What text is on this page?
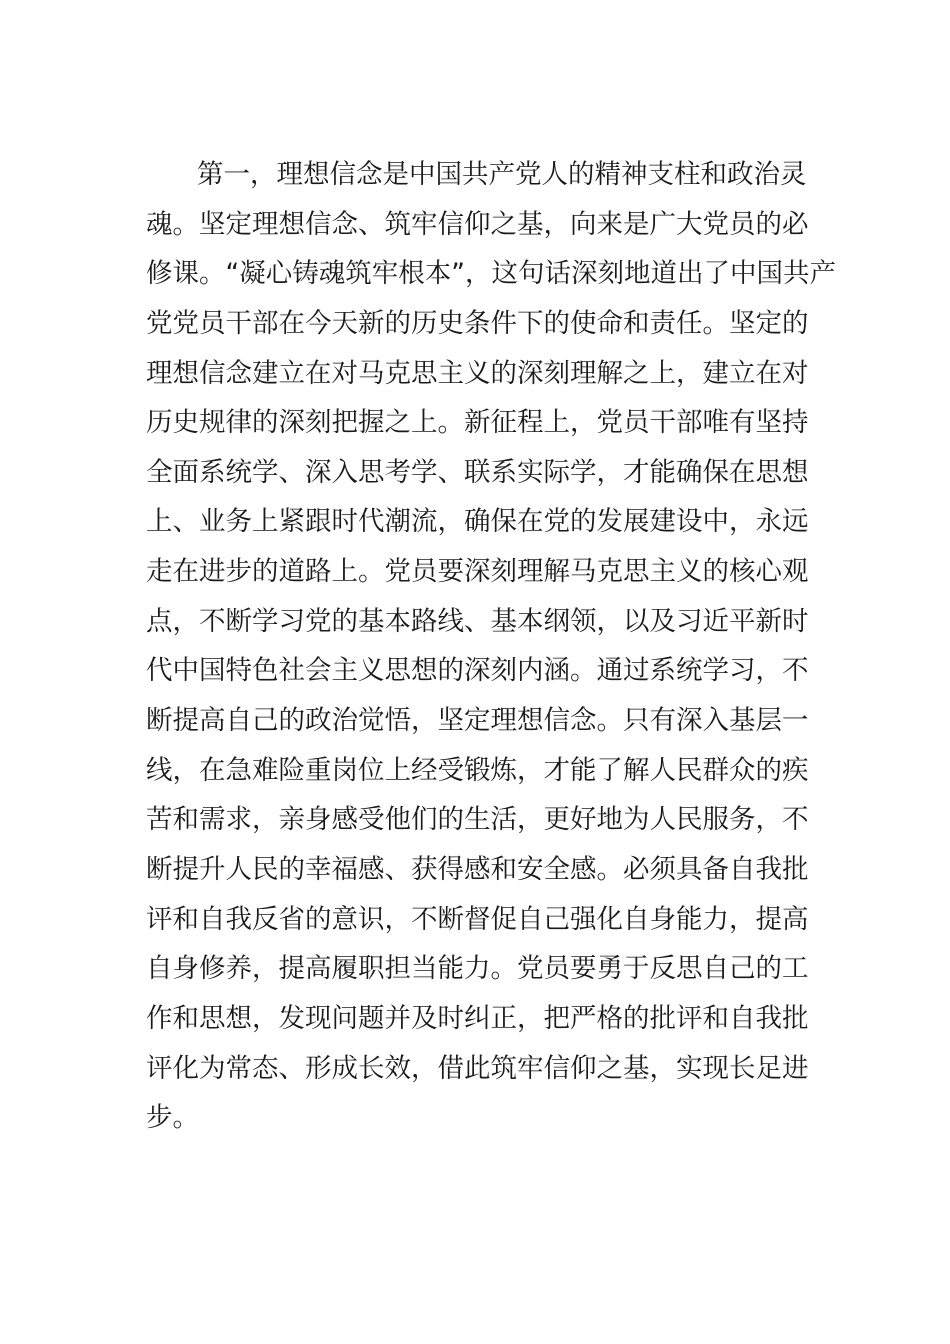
第一，理想信念是中国共产党人的精神支柱和政治灵
魂。坚定理想信念、筑牢信仰之基，向来是广大党员的必
修课。“凝心铸魂筑牢根本”，这句话深刻地道出了中国共产
党党员干部在今天新的历史条件下的使命和责任。坚定的
理想信念建立在对马克思主义的深刻理解之上，建立在对
历史规律的深刻把握之上。新征程上，党员干部唯有坚持
全面系统学、深入思考学、联系实际学，才能确保在思想
上、业务上紧跟时代潮流，确保在党的发展建设中，永远
走在进步的道路上。党员要深刻理解马克思主义的核心观
点，不断学习党的基本路线、基本纲领，以及习近平新时
代中国特色社会主义思想的深刻内涵。通过系统学习，不
断提高自己的政治觉悟，坚定理想信念。只有深入基层一
线，在急难险重岗位上经受锻炼，才能了解人民群众的疾
苦和需求，亲身感受他们的生活，更好地为人民服务，不
断提升人民的幸福感、获得感和安全感。必须具备自我批
评和自我反省的意识，不断督促自己强化自身能力，提高
自身修养，提高履职担当能力。党员要勇于反思自己的工
作和思想，发现问题并及时纠正，把严格的批评和自我批
评化为常态、形成长效，借此筑牢信仰之基，实现长足进
步。
